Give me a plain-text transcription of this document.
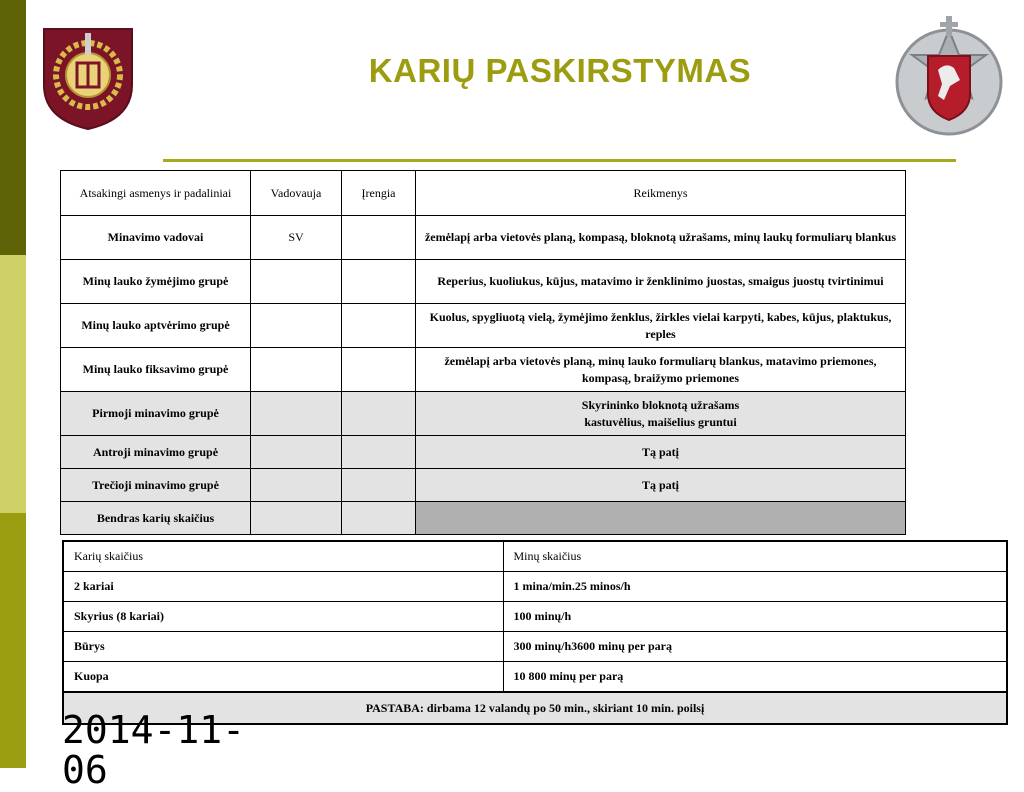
KARIŲ PASKIRSTYMAS
Atsakingi asmenys ir padaliniai	Vadovauja	Įrengia	Reikmenys
Minavimo vadovai	SV		žemėlapį arba vietovės planą, kompasą, bloknotą užrašams, minų laukų formuliarų blankus
Minų lauko žymėjimo grupė			Reperius, kuoliukus, kūjus, matavimo ir ženklinimo juostas, smaigus juostų tvirtinimui
Minų lauko aptvėrimo grupė			Kuolus, spygliuotą vielą, žymėjimo ženklus, žirkles vielai karpyti, kabes, kūjus, plaktukus, reples
Minų lauko fiksavimo grupė			žemėlapį arba vietovės planą, minų lauko formuliarų blankus, matavimo priemones, kompasą, braižymo priemones
Pirmoji minavimo grupė			Skyrininko bloknotą užrašams
kastuvėlius, maišelius gruntui
Antroji minavimo grupė			Tą patį
Trečioji minavimo grupė			Tą patį
Bendras karių skaičius			
Karių skaičius	Minų skaičius
2 kariai	1 mina/min.25 minos/h
Skyrius (8 kariai)	100 minų/h
Būrys	300 minų/h3600 minų per parą
Kuopa	10 800 minų per parą
PASTABA: dirbama 12 valandų po 50 min., skiriant 10 min. poilsį	
2014-11-
06
